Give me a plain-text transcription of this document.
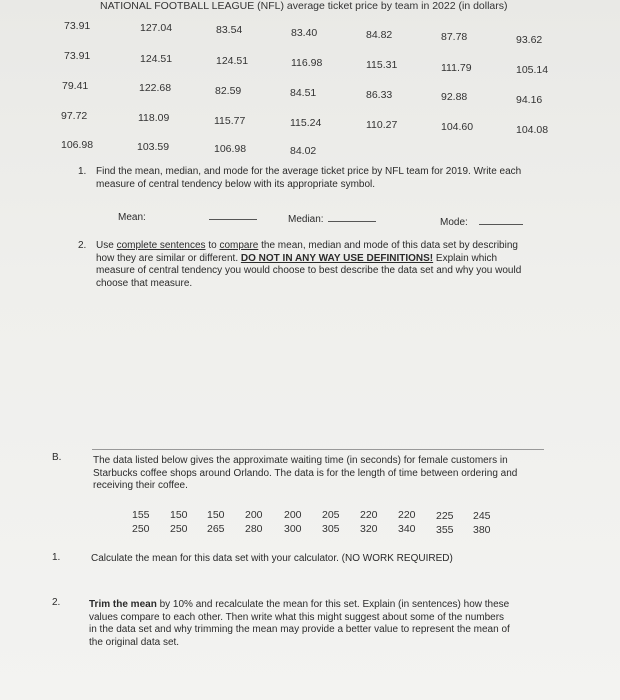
NATIONAL FOOTBALL LEAGUE (NFL) average ticket price by team in 2022 (in dollars)
73.91	127.04	83.54	83.40	84.82	87.78	93.62
73.91	124.51	124.51	116.98	115.31	111.79	105.14
79.41	122.68	82.59	84.51	86.33	92.88	94.16
97.72	118.09	115.77	115.24	110.27	104.60	104.08
106.98	103.59	106.98	84.02
1. Find the mean, median, and mode for the average ticket price by NFL team for 2019. Write each
measure of central tendency below with its appropriate symbol.
Mean:	Median:	Mode:
2. Use complete sentences to compare the mean, median and mode of this data set by describing
how they are similar or different. DO NOT IN ANY WAY USE DEFINITIONS! Explain which
measure of central tendency you would choose to best describe the data set and why you would
choose that measure.
B.	The data listed below gives the approximate waiting time (in seconds) for female customers in
Starbucks coffee shops around Orlando. The data is for the length of time between ordering and
receiving their coffee.
155 150 150 200 200 205 220 220 225 245
250 250 265 280 300 305 320 340 355 380
1.	Calculate the mean for this data set with your calculator. (NO WORK REQUIRED)
2.	Trim the mean by 10% and recalculate the mean for this set. Explain (in sentences) how these
values compare to each other. Then write what this might suggest about some of the numbers
in the data set and why trimming the mean may provide a better value to represent the mean of
the original data set.
